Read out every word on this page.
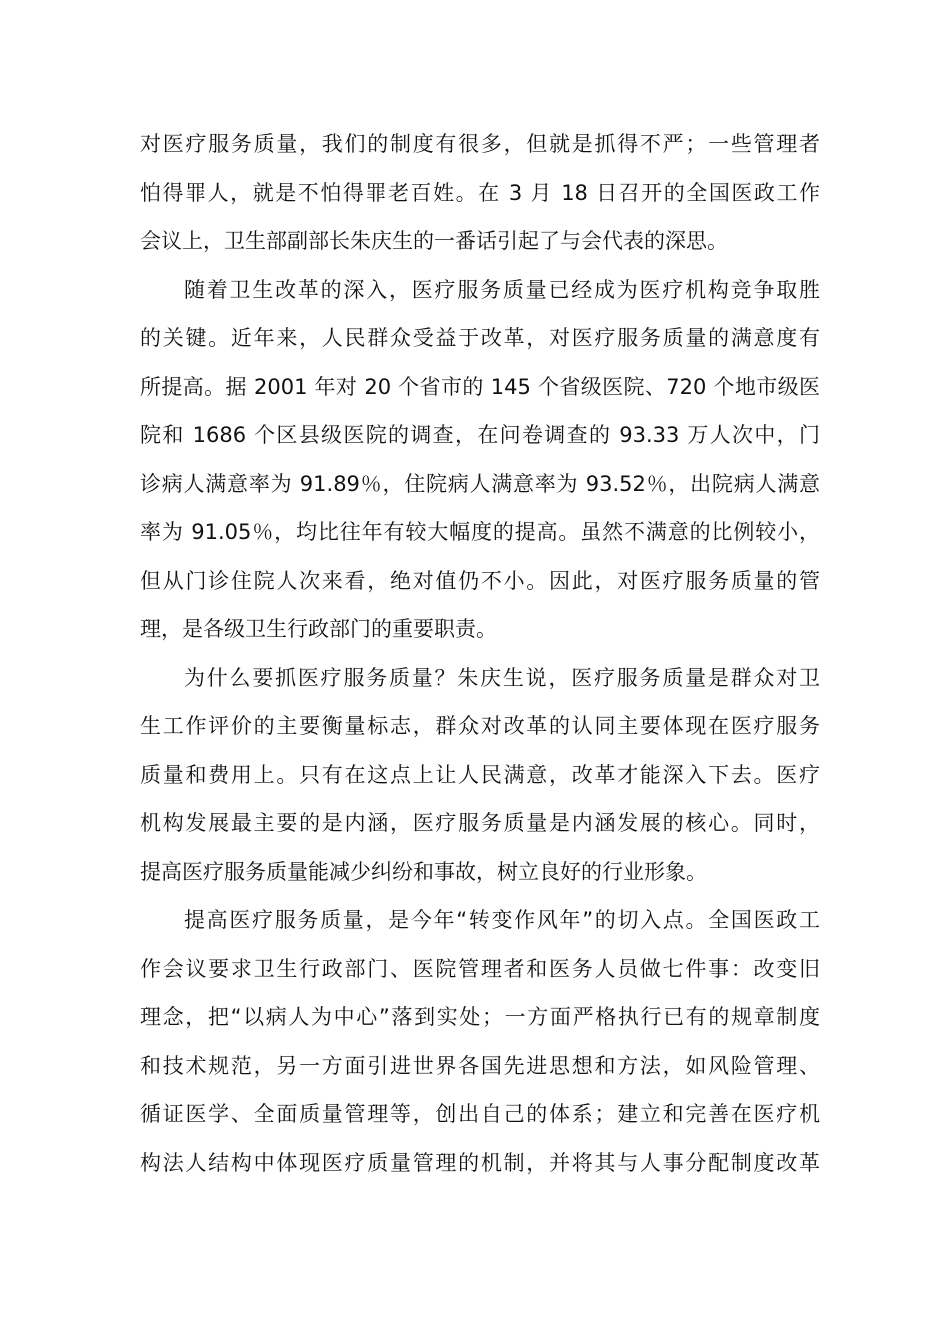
对医疗服务质量，我们的制度有很多，但就是抓得不严；一些管理者
怕得罪人，就是不怕得罪老百姓。在 3 月 18 日召开的全国医政工作
会议上，卫生部副部长朱庆生的一番话引起了与会代表的深思。
随着卫生改革的深入，医疗服务质量已经成为医疗机构竞争取胜
的关键。近年来，人民群众受益于改革，对医疗服务质量的满意度有
所提高。据 2001 年对 20 个省市的 145 个省级医院、720 个地市级医
院和 1686 个区县级医院的调查，在问卷调查的 93.33 万人次中，门
诊病人满意率为 91.89％，住院病人满意率为 93.52％，出院病人满意
率为 91.05％，均比往年有较大幅度的提高。虽然不满意的比例较小，
但从门诊住院人次来看，绝对值仍不小。因此，对医疗服务质量的管
理，是各级卫生行政部门的重要职责。
为什么要抓医疗服务质量？朱庆生说，医疗服务质量是群众对卫
生工作评价的主要衡量标志，群众对改革的认同主要体现在医疗服务
质量和费用上。只有在这点上让人民满意，改革才能深入下去。医疗
机构发展最主要的是内涵，医疗服务质量是内涵发展的核心。同时，
提高医疗服务质量能减少纠纷和事故，树立良好的行业形象。
提高医疗服务质量，是今年“转变作风年”的切入点。全国医政工
作会议要求卫生行政部门、医院管理者和医务人员做七件事：改变旧
理念，把“以病人为中心”落到实处；一方面严格执行已有的规章制度
和技术规范，另一方面引进世界各国先进思想和方法，如风险管理、
循证医学、全面质量管理等，创出自己的体系；建立和完善在医疗机
构法人结构中体现医疗质量管理的机制，并将其与人事分配制度改革
